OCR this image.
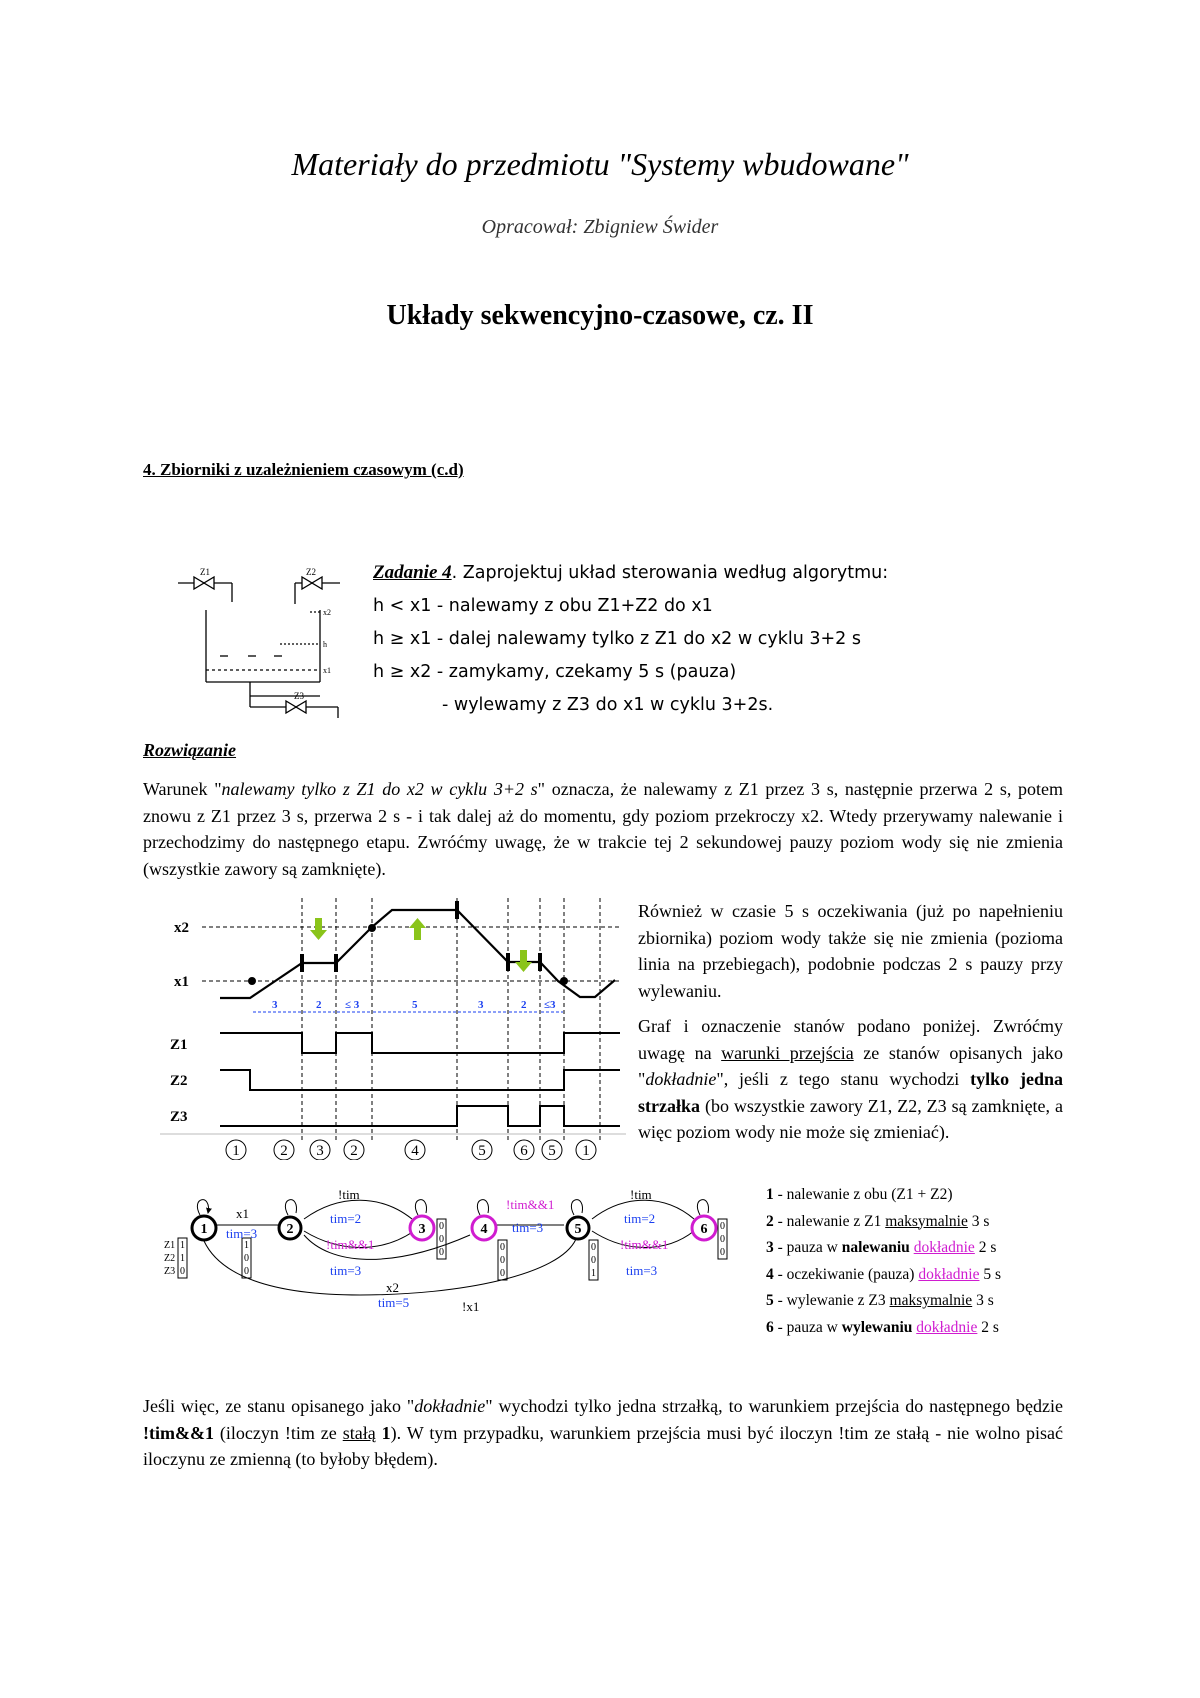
Materiały do przedmiotu "Systemy wbudowane"
Opracował: Zbigniew Świder
Układy sekwencyjno-czasowe, cz. II
4. Zbiorniki z uzależnieniem czasowym (c.d)
Z1	Z2
x2
h
x1
Z3
Zadanie 4. Zaprojektuj układ sterowania według algorytmu:
h < x1 - nalewamy z obu Z1+Z2 do x1
h ≥ x1 - dalej nalewamy tylko z Z1 do x2 w cyklu 3+2 s
h ≥ x2 - zamykamy, czekamy 5 s (pauza)
- wylewamy z Z3 do x1 w cyklu 3+2s.
Rozwiązanie
Warunek "nalewamy tylko z Z1 do x2 w cyklu 3+2 s" oznacza, że nalewamy z Z1 przez 3 s, następnie przerwa 2 s, potem znowu z Z1 przez 3 s, przerwa 2 s - i tak dalej aż do momentu, gdy poziom przekroczy x2. Wtedy przerywamy nalewanie i przechodzimy do następnego etapu. Zwróćmy uwagę, że w trakcie tej 2 sekundowej pauzy poziom wody się nie zmienia (wszystkie zawory są zamknięte).
x2
x1
3	2 ≤ 3	5	3	2 ≤3
Z1
Z2
Z3
1	2 3 2	4	5 6 5 1
Również w czasie 5 s oczekiwania (już po napełnieniu zbiornika) poziom wody także się nie zmienia (pozioma linia na przebiegach), podobnie podczas 2 s pauzy przy wylewaniu.
Graf i oznaczenie stanów podano poniżej. Zwróćmy uwagę na warunki przejścia ze stanów opisanych jako "dokładnie", jeśli z tego stanu wychodzi tylko jedna strzałka (bo wszystkie zawory Z1, Z2, Z3 są zamknięte, a więc poziom wody nie może się zmieniać).
1	2	3	4	5	6
Z1
Z2
Z3
1
1
0
1
0
0
0
0
0	0
0
0
0
0
1
0
0
0
x1
tim=3
!tim
tim=2
!tim&&1
tim=3
x2
tim=5
!tim&&1
tim=3
!tim
tim=2
!tim&&1
tim=3
!x1
1 - nalewanie z obu (Z1 + Z2)
2 - nalewanie z Z1 maksymalnie 3 s
3 - pauza w nalewaniu dokładnie 2 s
4 - oczekiwanie (pauza) dokładnie 5 s
5 - wylewanie z Z3 maksymalnie 3 s
6 - pauza w wylewaniu dokładnie 2 s
Jeśli więc, ze stanu opisanego jako "dokładnie" wychodzi tylko jedna strzałką, to warunkiem przejścia do następnego będzie !tim&&1 (iloczyn !tim ze stałą 1). W tym przypadku, warunkiem przejścia musi być iloczyn !tim ze stałą - nie wolno pisać iloczynu ze zmienną (to byłoby błędem).
